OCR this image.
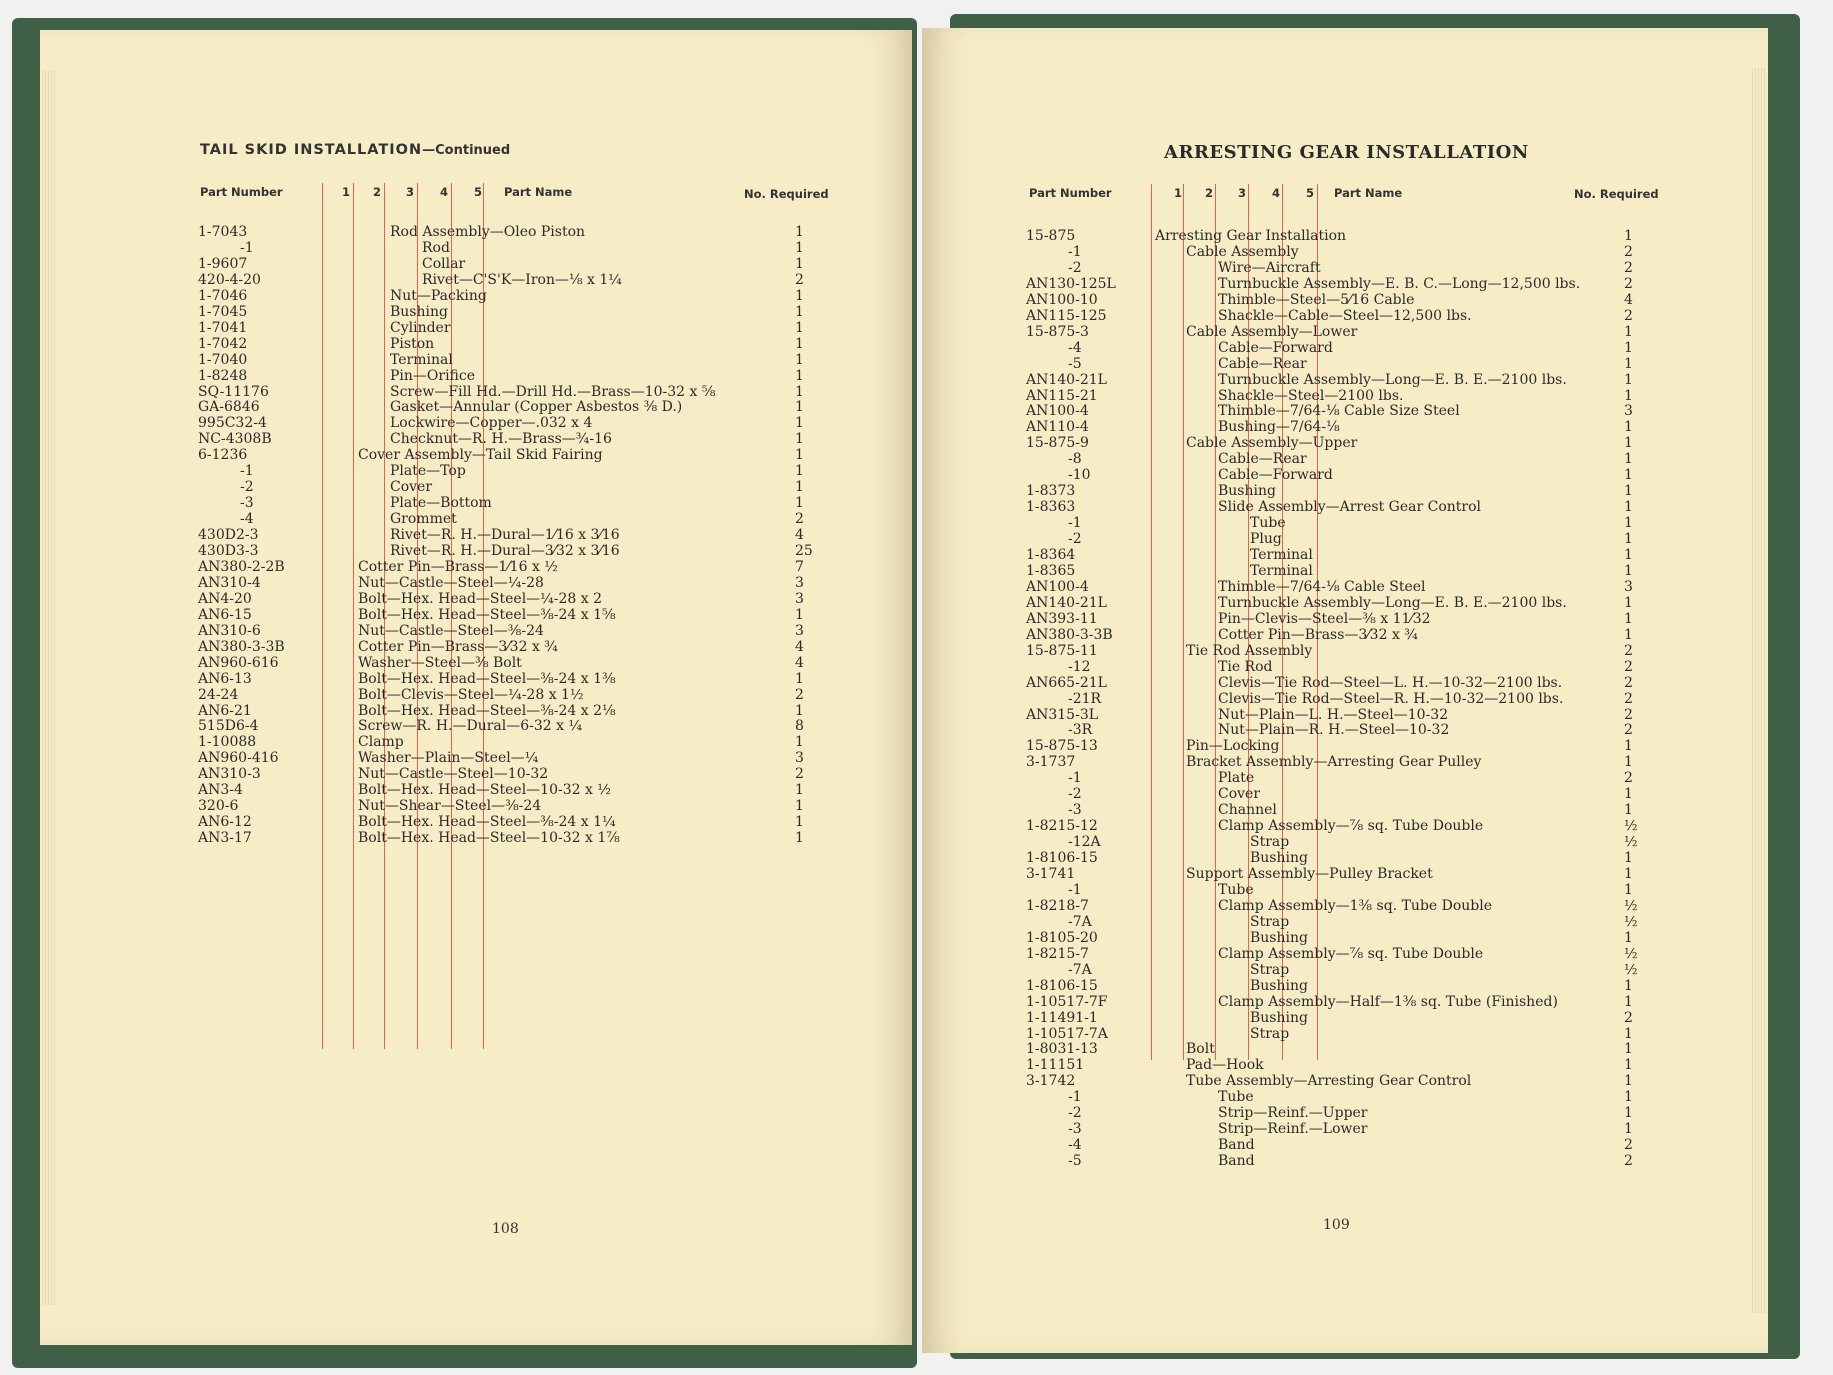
TAIL SKID INSTALLATION—Continued
Part Number	1 2 3 4 5 Part Name	No. Required
1-7043	Rod Assembly—Oleo Piston	1
-1	Rod	1
1-9607	Collar	1
420-4-20	Rivet—C'S'K—Iron—⅛ x 1¼	2
1-7046	Nut—Packing	1
1-7045	Bushing	1
1-7041	Cylinder	1
1-7042	Piston	1
1-7040	Terminal	1
1-8248	Pin—Orifice	1
SQ-11176	Screw—Fill Hd.—Drill Hd.—Brass—10-32 x ⅝	1
GA-6846	Gasket—Annular (Copper Asbestos ⅜ D.)	1
995C32-4	Lockwire—Copper—.032 x 4	1
NC-4308B	Checknut—R. H.—Brass—¾-16	1
6-1236	Cover Assembly—Tail Skid Fairing	1
-1	Plate—Top	1
-2	Cover	1
-3	Plate—Bottom	1
-4	Grommet	2
430D2-3	Rivet—R. H.—Dural—1⁄16 x 3⁄16	4
430D3-3	Rivet—R. H.—Dural—3⁄32 x 3⁄16	25
AN380-2-2B	Cotter Pin—Brass—1⁄16 x ½	7
AN310-4	Nut—Castle—Steel—¼-28	3
AN4-20	Bolt—Hex. Head—Steel—¼-28 x 2	3
AN6-15	Bolt—Hex. Head—Steel—⅜-24 x 1⅝	1
AN310-6	Nut—Castle—Steel—⅜-24	3
AN380-3-3B	Cotter Pin—Brass—3⁄32 x ¾	4
AN960-616	Washer—Steel—⅜ Bolt	4
AN6-13	Bolt—Hex. Head—Steel—⅜-24 x 1⅜	1
24-24	Bolt—Clevis—Steel—¼-28 x 1½	2
AN6-21	Bolt—Hex. Head—Steel—⅜-24 x 2⅛	1
515D6-4	Screw—R. H.—Dural—6-32 x ¼	8
1-10088	Clamp	1
AN960-416	Washer—Plain—Steel—¼	3
AN310-3	Nut—Castle—Steel—10-32	2
AN3-4	Bolt—Hex. Head—Steel—10-32 x ½	1
320-6	Nut—Shear—Steel—⅜-24	1
AN6-12	Bolt—Hex. Head—Steel—⅜-24 x 1¼	1
AN3-17	Bolt—Hex. Head—Steel—10-32 x 1⅞	1
108
ARRESTING GEAR INSTALLATION
Part Number	1 2 3 4 5 Part Name	No. Required
15-875	Arresting Gear Installation	1
-1	Cable Assembly	2
-2	Wire—Aircraft	2
AN130-125L	Turnbuckle Assembly—E. B. C.—Long—12,500 lbs.	2
AN100-10	Thimble—Steel—5⁄16 Cable	4
AN115-125	Shackle—Cable—Steel—12,500 lbs.	2
15-875-3	Cable Assembly—Lower	1
-4	Cable—Forward	1
-5	Cable—Rear	1
AN140-21L	Turnbuckle Assembly—Long—E. B. E.—2100 lbs.	1
AN115-21	Shackle—Steel—2100 lbs.	1
AN100-4	Thimble—7/64-⅛ Cable Size Steel	3
AN110-4	Bushing—7/64-⅛	1
15-875-9	Cable Assembly—Upper	1
-8	Cable—Rear	1
-10	Cable—Forward	1
1-8373	Bushing	1
1-8363	Slide Assembly—Arrest Gear Control	1
-1	Tube	1
-2	Plug	1
1-8364	Terminal	1
1-8365	Terminal	1
AN100-4	Thimble—7/64-⅛ Cable Steel	3
AN140-21L	Turnbuckle Assembly—Long—E. B. E.—2100 lbs.	1
AN393-11	Pin—Clevis—Steel—⅜ x 11⁄32	1
AN380-3-3B	Cotter Pin—Brass—3⁄32 x ¾	1
15-875-11	Tie Rod Assembly	2
-12	Tie Rod	2
AN665-21L	Clevis—Tie Rod—Steel—L. H.—10-32—2100 lbs.	2
-21R	Clevis—Tie Rod—Steel—R. H.—10-32—2100 lbs.	2
AN315-3L	Nut—Plain—L. H.—Steel—10-32	2
-3R	Nut—Plain—R. H.—Steel—10-32	2
15-875-13	Pin—Locking	1
3-1737	Bracket Assembly—Arresting Gear Pulley	1
-1	Plate	2
-2	Cover	1
-3	Channel	1
1-8215-12	Clamp Assembly—⅞ sq. Tube Double	½
-12A	Strap	½
1-8106-15	Bushing	1
3-1741	Support Assembly—Pulley Bracket	1
-1	Tube	1
1-8218-7	Clamp Assembly—1⅜ sq. Tube Double	½
-7A	Strap	½
1-8105-20	Bushing	1
1-8215-7	Clamp Assembly—⅞ sq. Tube Double	½
-7A	Strap	½
1-8106-15	Bushing	1
1-10517-7F	Clamp Assembly—Half—1⅜ sq. Tube (Finished)	1
1-11491-1	Bushing	2
1-10517-7A	Strap	1
1-8031-13	Bolt	1
1-11151	Pad—Hook	1
3-1742	Tube Assembly—Arresting Gear Control	1
-1	Tube	1
-2	Strip—Reinf.—Upper	1
-3	Strip—Reinf.—Lower	1
-4	Band	2
-5	Band	2
109
